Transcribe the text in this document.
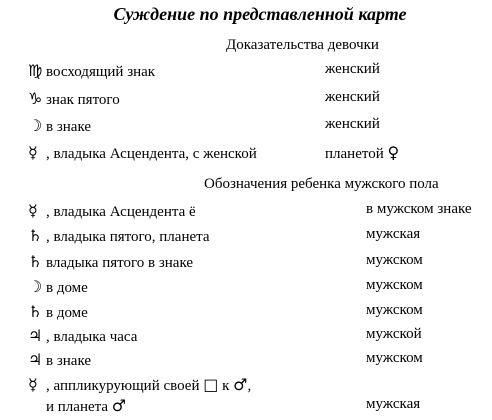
Суждение по представленной карте
Доказательства девочки
♍ восходящий знак	женский
♑ знак пятого	женский
☽ в знаке	женский
☿ , владыка Асцендента, с женской	планетой ♀
Обозначения ребенка мужского пола
☿ , владыка Асцендента ё	в мужском знаке
♄ , владыка пятого, планета	мужская
♄ владыка пятого в знаке	мужском
☽ в доме	мужском
♄ в доме	мужском
♃ , владыка часа	мужской
♃ в знаке	мужском
☿ , аппликурующий своей □ к ♂,
и планета ♂	мужская
